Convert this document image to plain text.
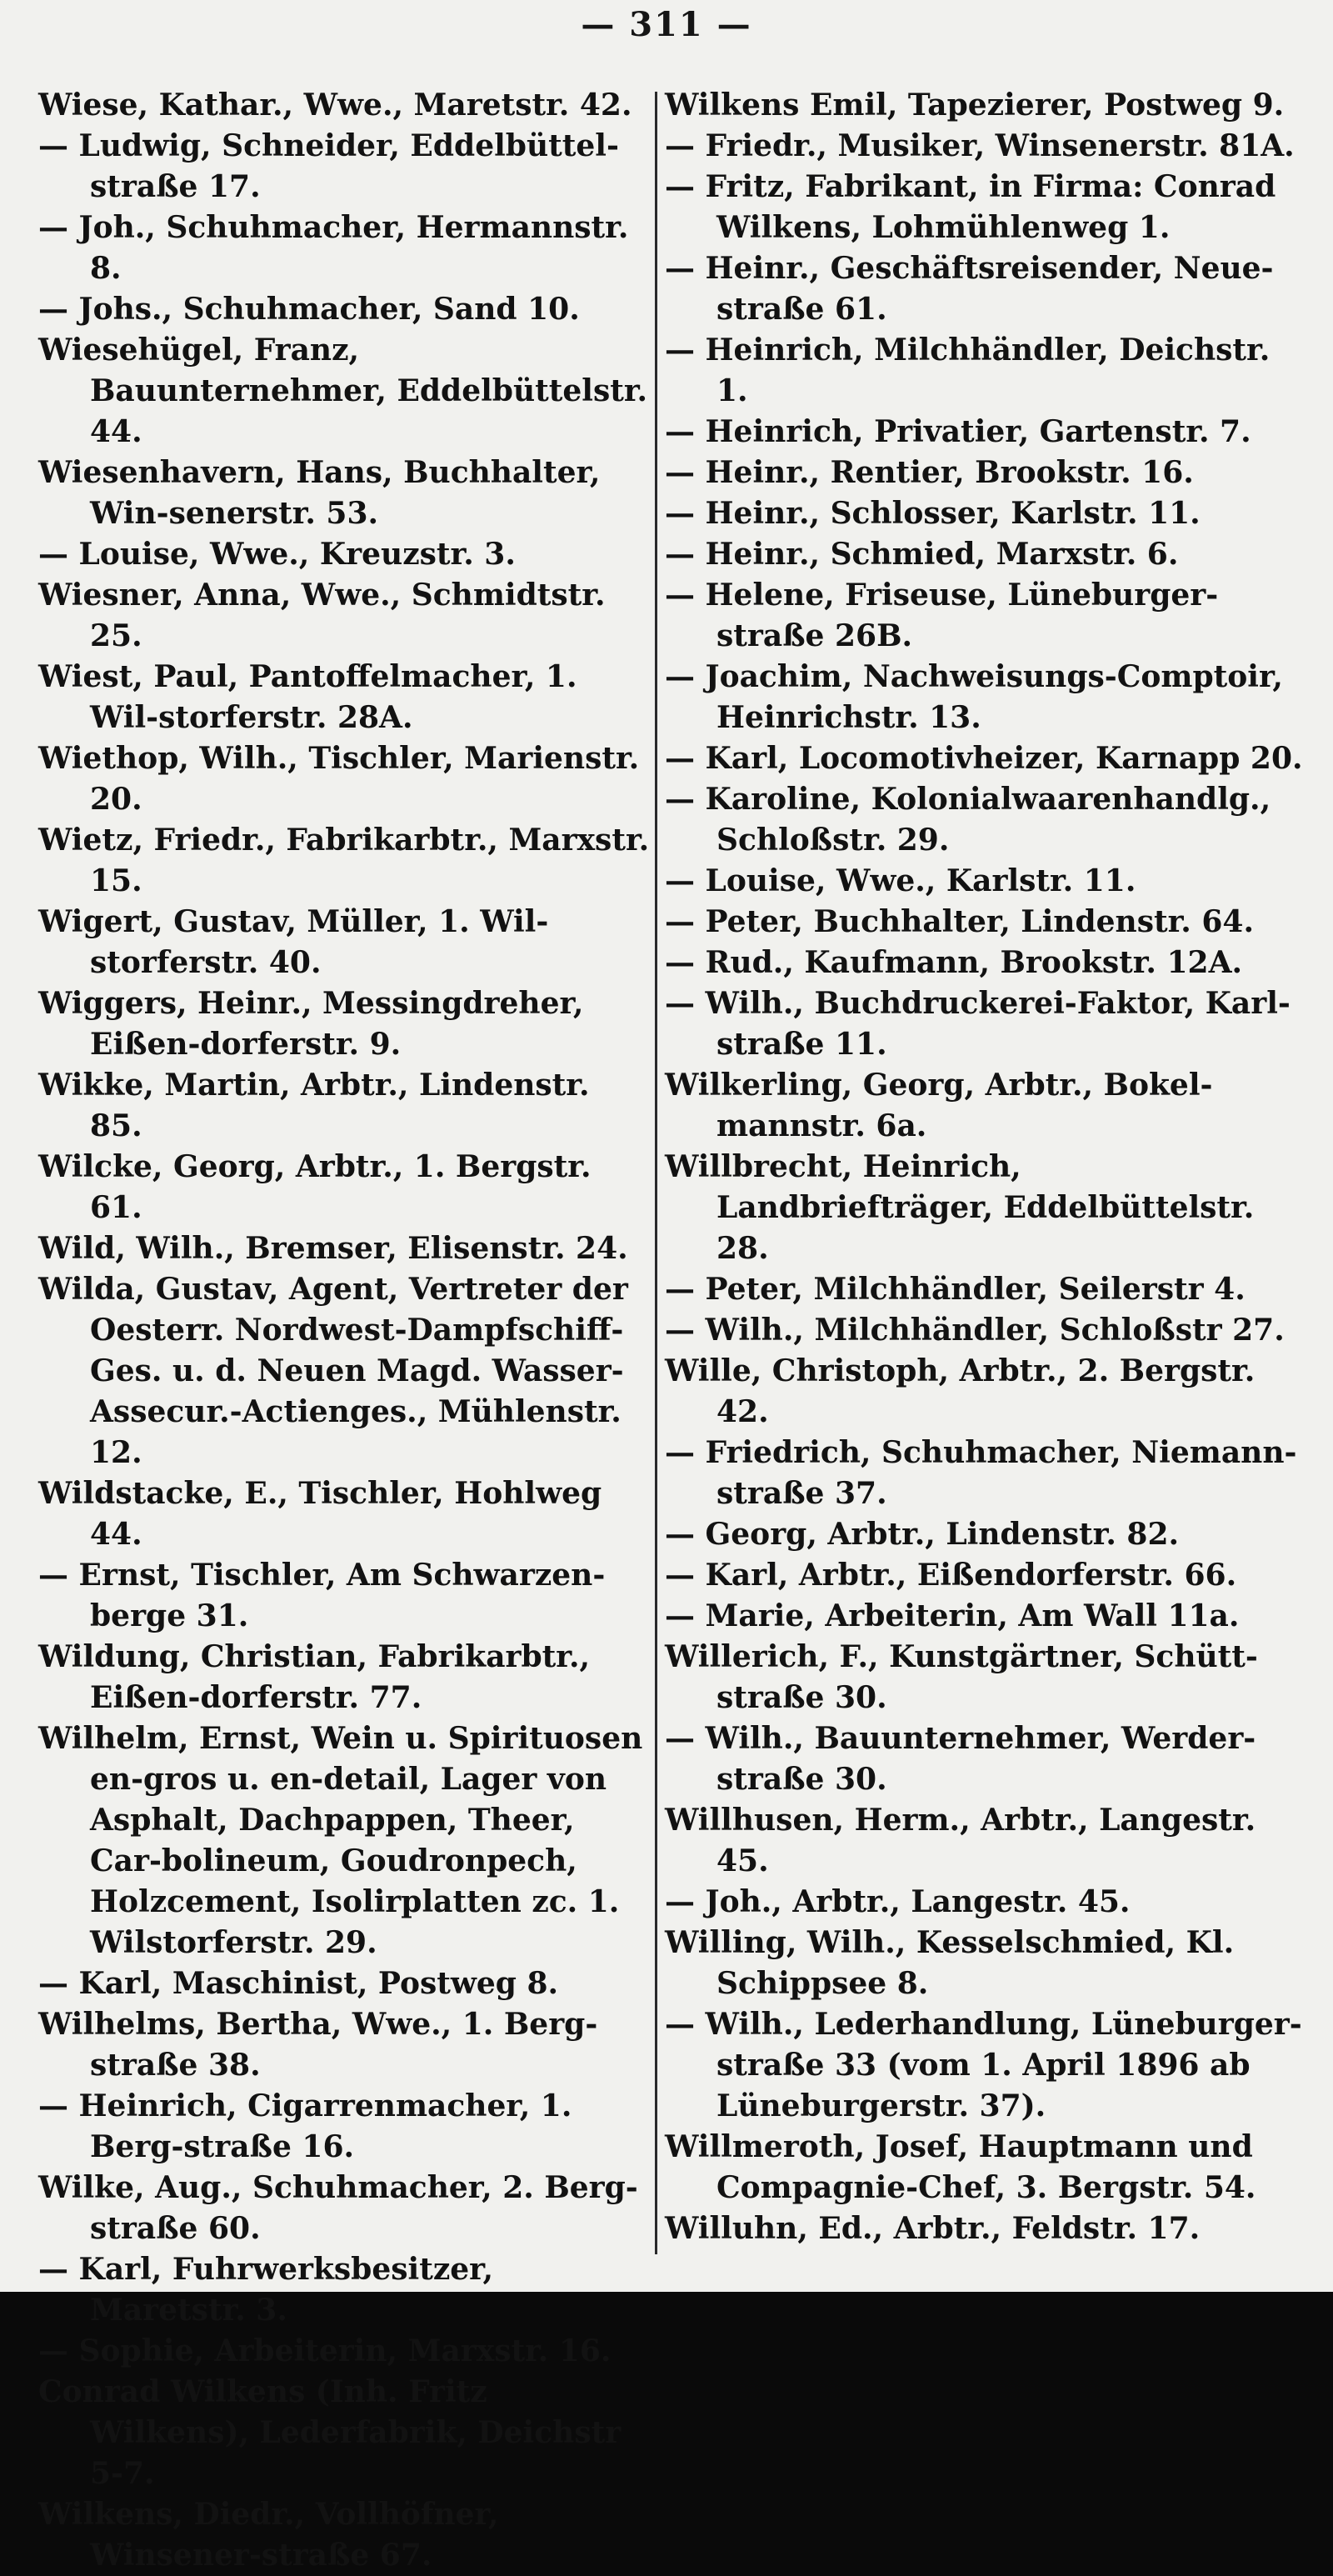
— 311 —
Wiese, Kathar., Wwe., Maretstr. 42.
— Ludwig, Schneider, Eddelbüttel-straße 17.
— Joh., Schuhmacher, Hermannstr. 8.
— Johs., Schuhmacher, Sand 10.
Wiesehügel, Franz, Bauunternehmer, Eddelbüttelstr. 44.
Wiesenhavern, Hans, Buchhalter, Win-senerstr. 53.
— Louise, Wwe., Kreuzstr. 3.
Wiesner, Anna, Wwe., Schmidtstr. 25.
Wiest, Paul, Pantoffelmacher, 1. Wil-storferstr. 28A.
Wiethop, Wilh., Tischler, Marienstr. 20.
Wietz, Friedr., Fabrikarbtr., Marxstr. 15.
Wigert, Gustav, Müller, 1. Wil-storferstr. 40.
Wiggers, Heinr., Messingdreher, Eißen-dorferstr. 9.
Wikke, Martin, Arbtr., Lindenstr. 85.
Wilcke, Georg, Arbtr., 1. Bergstr. 61.
Wild, Wilh., Bremser, Elisenstr. 24.
Wilda, Gustav, Agent, Vertreter der Oesterr. Nordwest-Dampfschiff-Ges. u. d. Neuen Magd. Wasser-Assecur.-Actienges., Mühlenstr. 12.
Wildstacke, E., Tischler, Hohlweg 44.
— Ernst, Tischler, Am Schwarzen-berge 31.
Wildung, Christian, Fabrikarbtr., Eißen-dorferstr. 77.
Wilhelm, Ernst, Wein u. Spirituosen en-gros u. en-detail, Lager von Asphalt, Dachpappen, Theer, Car-bolineum, Goudronpech, Holzcement, Isolirplatten zc. 1. Wilstorferstr. 29.
— Karl, Maschinist, Postweg 8.
Wilhelms, Bertha, Wwe., 1. Berg-straße 38.
— Heinrich, Cigarrenmacher, 1. Berg-straße 16.
Wilke, Aug., Schuhmacher, 2. Berg-straße 60.
— Karl, Fuhrwerksbesitzer, Maretstr. 3.
— Sophie, Arbeiterin, Marxstr. 16.
Conrad Wilkens (Inh. Fritz Wilkens), Lederfabrik, Deichstr 5-7.
Wilkens, Diedr., Vollhöfner, Winsener-straße 67.
Wilkens Emil, Tapezierer, Postweg 9.
— Friedr., Musiker, Winsenerstr. 81A.
— Fritz, Fabrikant, in Firma: Conrad Wilkens, Lohmühlenweg 1.
— Heinr., Geschäftsreisender, Neue-straße 61.
— Heinrich, Milchhändler, Deichstr. 1.
— Heinrich, Privatier, Gartenstr. 7.
— Heinr., Rentier, Brookstr. 16.
— Heinr., Schlosser, Karlstr. 11.
— Heinr., Schmied, Marxstr. 6.
— Helene, Friseuse, Lüneburger-straße 26B.
— Joachim, Nachweisungs-Comptoir, Heinrichstr. 13.
— Karl, Locomotivheizer, Karnapp 20.
— Karoline, Kolonialwaarenhandlg., Schloßstr. 29.
— Louise, Wwe., Karlstr. 11.
— Peter, Buchhalter, Lindenstr. 64.
— Rud., Kaufmann, Brookstr. 12A.
— Wilh., Buchdruckerei-Faktor, Karl-straße 11.
Wilkerling, Georg, Arbtr., Bokel-mannstr. 6a.
Willbrecht, Heinrich, Landbriefträger, Eddelbüttelstr. 28.
— Peter, Milchhändler, Seilerstr 4.
— Wilh., Milchhändler, Schloßstr 27.
Wille, Christoph, Arbtr., 2. Bergstr. 42.
— Friedrich, Schuhmacher, Niemann-straße 37.
— Georg, Arbtr., Lindenstr. 82.
— Karl, Arbtr., Eißendorferstr. 66.
— Marie, Arbeiterin, Am Wall 11a.
Willerich, F., Kunstgärtner, Schütt-straße 30.
— Wilh., Bauunternehmer, Werder-straße 30.
Willhusen, Herm., Arbtr., Langestr. 45.
— Joh., Arbtr., Langestr. 45.
Willing, Wilh., Kesselschmied, Kl. Schippsee 8.
— Wilh., Lederhandlung, Lüneburger-straße 33 (vom 1. April 1896 ab Lüneburgerstr. 37).
Willmeroth, Josef, Hauptmann und Compagnie-Chef, 3. Bergstr. 54.
Willuhn, Ed., Arbtr., Feldstr. 17.
